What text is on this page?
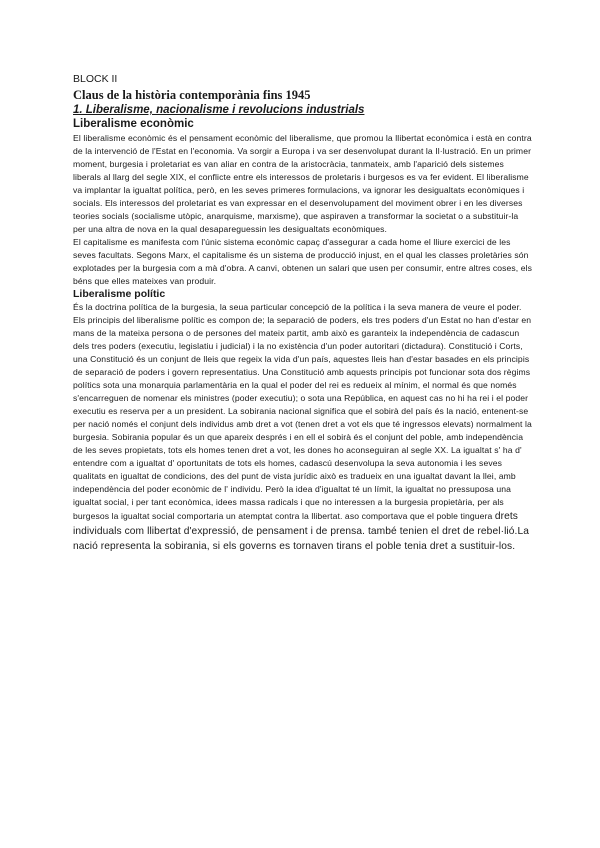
BLOCK II
Claus de la història contemporània fins 1945
1. Liberalisme, nacionalisme i revolucions industrials
Liberalisme econòmic

El liberalisme econòmic és el pensament econòmic del liberalisme, que promou la llibertat econòmica i està en contra de la intervenció de l'Estat en l'economia. Va sorgir a Europa i va ser desenvolupat durant la Il·lustració. En un primer moment, burgesia i proletariat es van aliar en contra de la aristocràcia, tanmateix, amb l'aparició dels sistemes liberals al llarg del segle XIX, el conflicte entre els interessos de proletaris i burgesos es va fer evident. El liberalisme va implantar la igualtat política, però, en les seves primeres formulacions, va ignorar les desigualtats econòmiques i socials. Els interessos del proletariat es van expressar en el desenvolupament del moviment obrer i en les diverses teories socials (socialisme utòpic, anarquisme, marxisme), que aspiraven a transformar la societat o a substituir-la per una altra de nova en la qual desapareguessin les desigualtats econòmiques.

El capitalisme es manifesta com l'únic sistema econòmic capaç d'assegurar a cada home el lliure exercici de les seves facultats. Segons Marx, el capitalisme és un sistema de producció injust, en el qual les classes proletàries són explotades per la burgesia com a mà d'obra. A canvi, obtenen un salari que usen per consumir, entre altres coses, els béns que elles mateixes van produir.

Liberalisme polític

És la doctrina política de la burgesia, la seua particular concepció de la política i la seva manera de veure el poder.

Els principis del liberalisme polític es compon de; la separació de poders, els tres poders d'un Estat no han d'estar en mans de la mateixa persona o de persones del mateix partit, amb això es garanteix la independència de cadascun dels tres poders (executiu, legislatiu i judicial) i la no existència d'un poder autoritari (dictadura). Constitució i Corts, una Constitució és un conjunt de lleis que regeix la vida d'un país, aquestes lleis han d'estar basades en els principis de separació de poders i govern representatius. Una Constitució amb aquests principis pot funcionar sota dos règims polítics sota una monarquia parlamentària en la qual el poder del rei es redueix al mínim, el normal és que només s'encarreguen de nomenar els ministres (poder executiu); o sota una República, en aquest cas no hi ha rei i el poder executiu es reserva per a un president. La sobirania nacional significa que el sobirà del país és la nació, entenent-se per nació només el conjunt dels individus amb dret a vot (tenen dret a vot els que té ingressos elevats) normalment la burgesia. Sobirania popular és un que apareix després i en ell el sobirà és el conjunt del poble, amb independència de les seves propietats, tots els homes tenen dret a vot, les dones ho aconseguiran al segle XX. La igualtat s' ha d' entendre com a igualtat d' oportunitats de tots els homes, cadascú desenvolupa la seva autonomia i les seves qualitats en igualtat de condicions, des del punt de vista jurídic això es tradueix en una igualtat davant la llei, amb independència del poder econòmic de l' individu. Però la idea d'igualtat té un límit, la igualtat no pressuposa una igualtat social, i per tant econòmica, idees massa radicals i que no interessen a la burgesia propietària, per als burgesos la igualtat social comportaria un atemptat contra la llibertat. aso comportava que el poble tinguera drets individuals com llibertat d'expressió, de pensament i de prensa. també tenien el dret de rebel·lió.La nació representa la sobirania, si els governs es tornaven tirans el poble tenia dret a sustituir-los.
